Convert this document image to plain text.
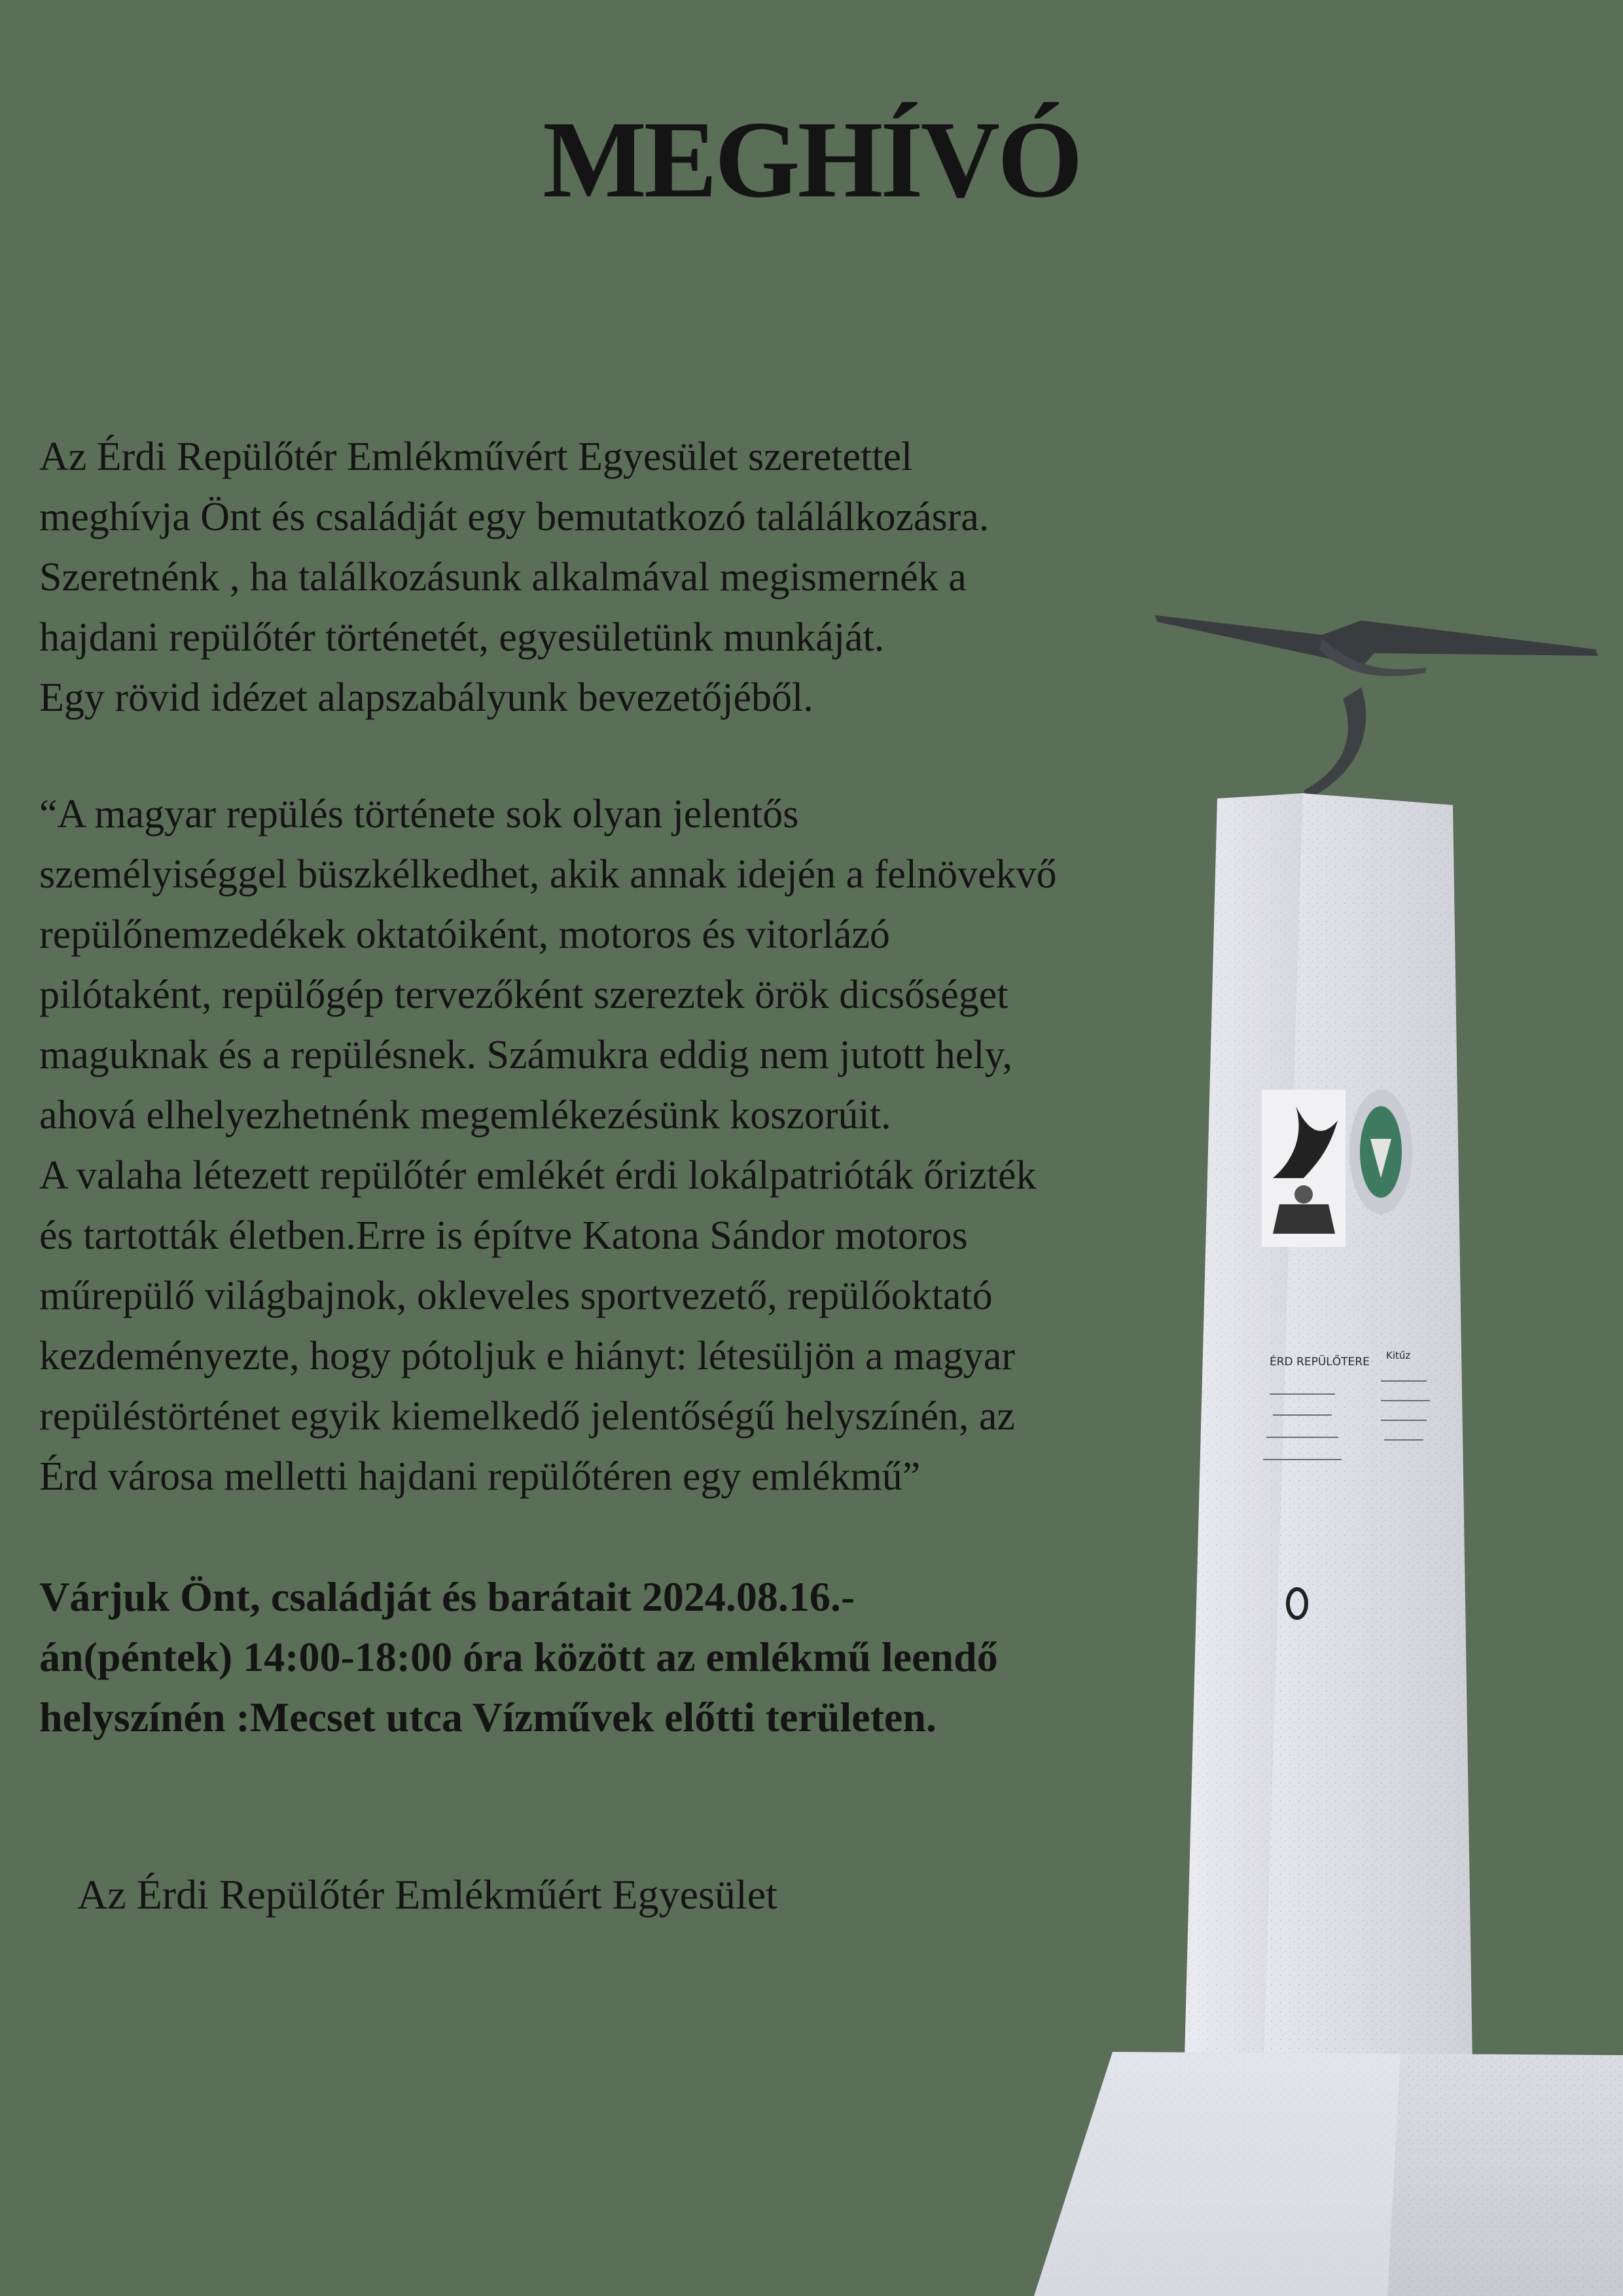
MEGHÍVÓ
Az Érdi Repülőtér Emlékművért Egyesület szeretettel
meghívja Önt és családját egy bemutatkozó találálkozásra.
Szeretnénk , ha találkozásunk alkalmával megismernék a
hajdani repülőtér történetét, egyesületünk munkáját.
Egy rövid idézet alapszabályunk bevezetőjéből.
“A magyar repülés története sok olyan jelentős
személyiséggel büszkélkedhet, akik annak idején a felnövekvő
repülőnemzedékek oktatóiként, motoros és vitorlázó
pilótaként, repülőgép tervezőként szereztek örök dicsőséget
maguknak és a repülésnek. Számukra eddig nem jutott hely,
ahová elhelyezhetnénk megemlékezésünk koszorúit.
A valaha létezett repülőtér emlékét érdi lokálpatrióták őrizték
és tartották életben.Erre is építve Katona Sándor motoros
műrepülő világbajnok, okleveles sportvezető, repülőoktató
kezdeményezte, hogy pótoljuk e hiányt: létesüljön a magyar
repüléstörténet egyik kiemelkedő jelentőségű helyszínén, az
Érd városa melletti hajdani repülőtéren egy emlékmű”
Várjuk Önt, családját és barátait 2024.08.16.-
án(péntek) 14:00-18:00 óra között az emlékmű leendő
helyszínén :Mecset utca Vízművek előtti területen.
Az Érdi Repülőtér Emlékműért Egyesület
ÉRD REPÜLŐTERE Kitűz
